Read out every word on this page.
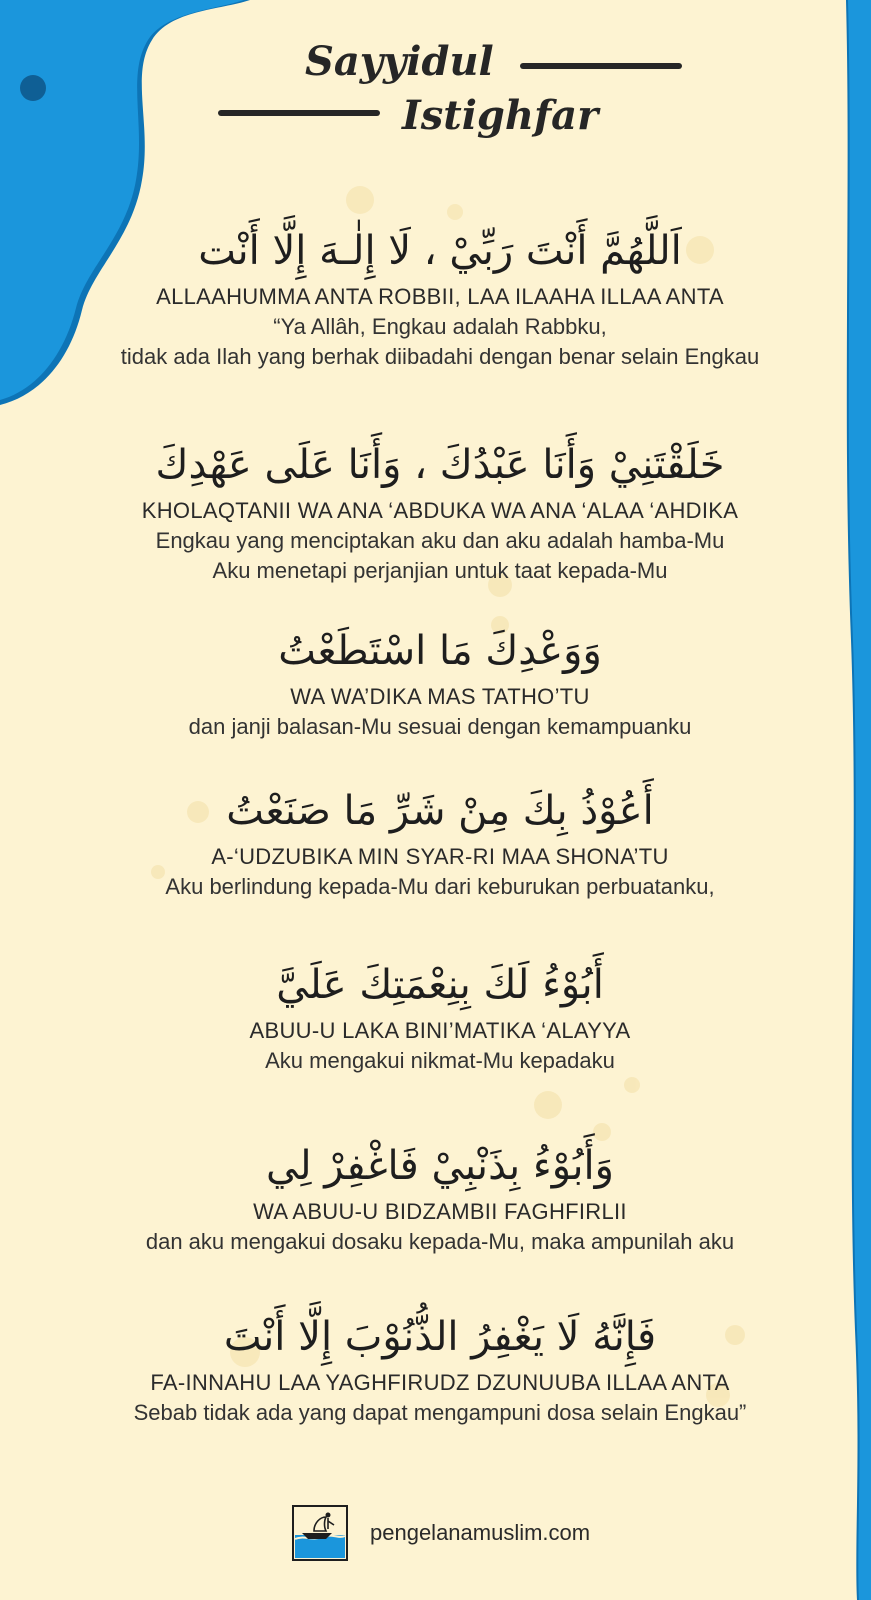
Sayyidul
Istighfar

اَللَّهُمَّ أَنْتَ رَبِّيْ ، لَا إِلٰـهَ إِلَّا أَنْت

ALLAAHUMMA ANTA ROBBII, LAA ILAAHA ILLAA ANTA

“Ya Allâh, Engkau adalah Rabbku,

tidak ada Ilah yang berhak diibadahi dengan benar selain Engkau

خَلَقْتَنِيْ وَأَنَا عَبْدُكَ ، وَأَنَا عَلَى عَهْدِكَ

KHOLAQTANII WA ANA ‘ABDUKA WA ANA ‘ALAA ‘AHDIKA

Engkau yang menciptakan aku dan aku adalah hamba-Mu

Aku menetapi perjanjian untuk taat kepada-Mu

وَوَعْدِكَ مَا اسْتَطَعْتُ

WA WA’DIKA MAS TATHO’TU

dan janji balasan-Mu sesuai dengan kemampuanku

أَعُوْذُ بِكَ مِنْ شَرِّ مَا صَنَعْتُ

A-‘UDZUBIKA MIN SYAR-RI MAA SHONA’TU

Aku berlindung kepada-Mu dari keburukan perbuatanku,

أَبُوْءُ لَكَ بِنِعْمَتِكَ عَلَيَّ

ABUU-U LAKA BINI’MATIKA ‘ALAYYA

Aku mengakui nikmat-Mu kepadaku

وَأَبُوْءُ بِذَنْبِيْ فَاغْفِرْ لِي

WA ABUU-U BIDZAMBII FAGHFIRLII

dan aku mengakui dosaku kepada-Mu, maka ampunilah aku

فَإِنَّهُ لَا يَغْفِرُ الذُّنُوْبَ إِلَّا أَنْتَ

FA-INNAHU LAA YAGHFIRUDZ DZUNUUBA ILLAA ANTA

Sebab tidak ada yang dapat mengampuni dosa selain Engkau”

pengelanamuslim.com
